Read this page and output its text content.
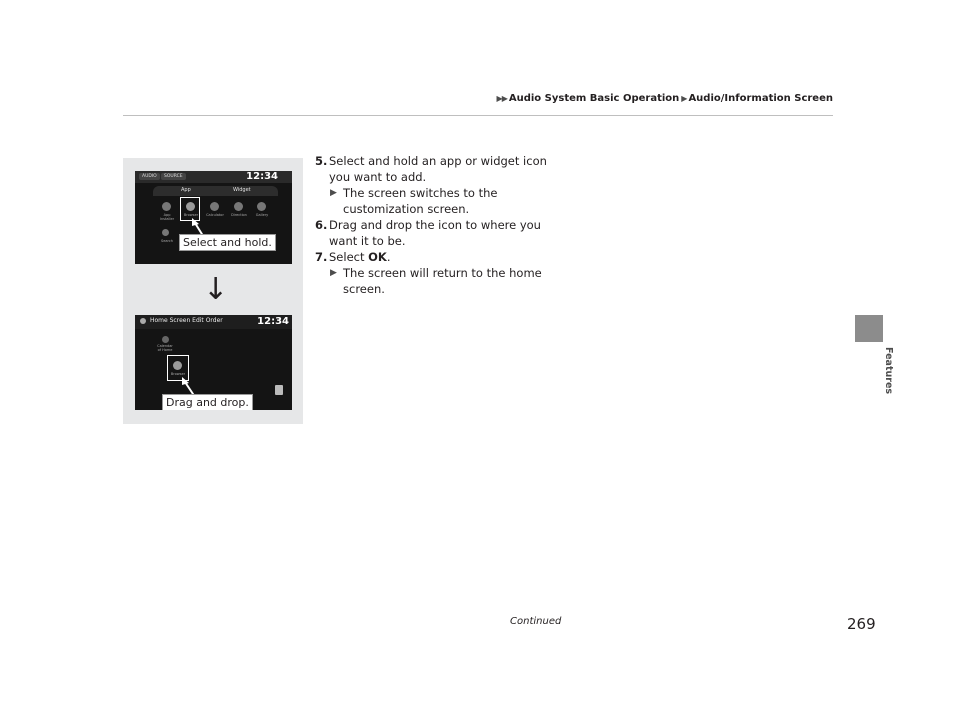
▶▶ Audio System Basic Operation ▶ Audio/Information Screen
Features
AUDIO	SOURCE	12:34
App	Widget
App Installer
Browser	Calculator	Direction	Gallery
Search Select and hold.
↓
Home Screen Edit Order	12:34
Calendar of Home
Browser
Drag and drop.
5. Select and hold an app or widget icon you want to add.
▶ The screen switches to the customization screen.
6. Drag and drop the icon to where you want it to be.
7. Select OK.
▶ The screen will return to the home screen.
Continued	269
